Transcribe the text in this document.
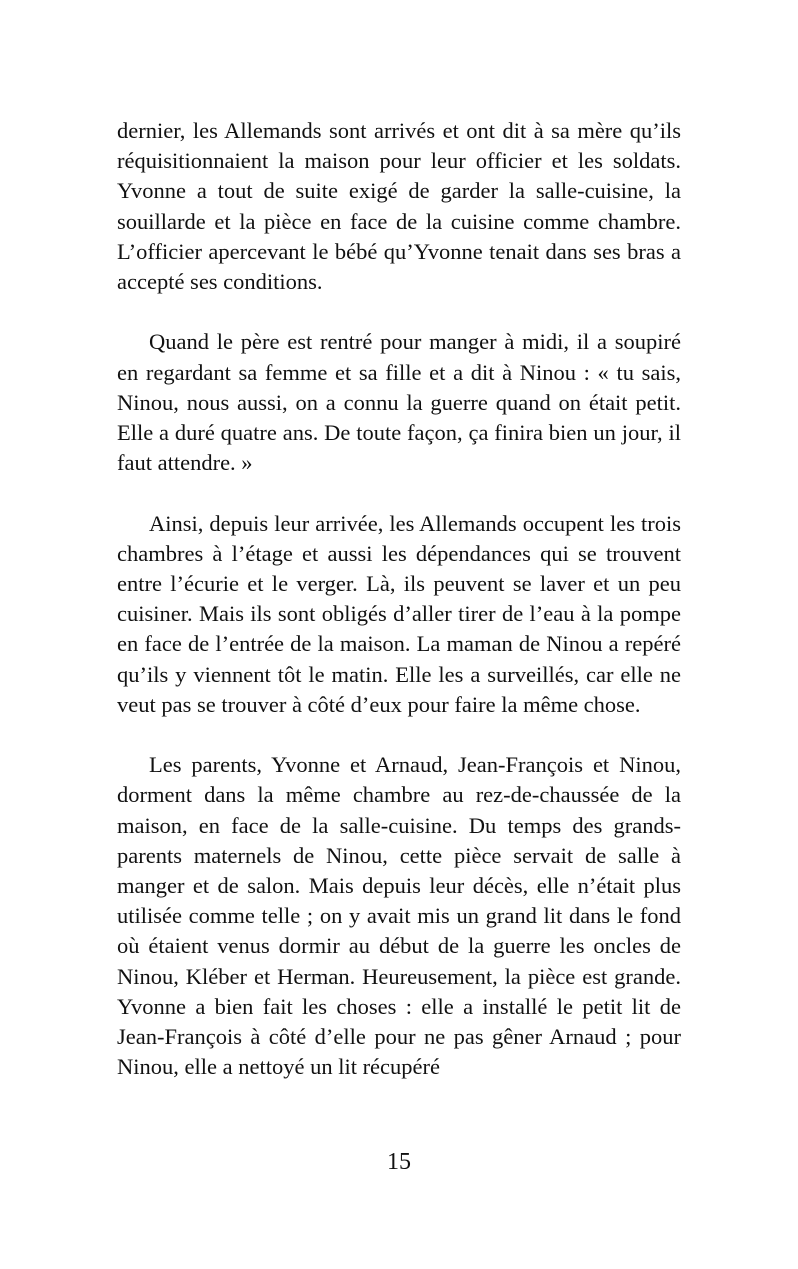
dernier, les Allemands sont arrivés et ont dit à sa mère qu’ils réquisitionnaient la maison pour leur officier et les soldats. Yvonne a tout de suite exigé de garder la salle-cuisine, la souillarde et la pièce en face de la cuisine comme chambre. L’officier apercevant le bébé qu’Yvonne tenait dans ses bras a accepté ses conditions.

Quand le père est rentré pour manger à midi, il a soupiré en regardant sa femme et sa fille et a dit à Ninou : « tu sais, Ninou, nous aussi, on a connu la guerre quand on était petit. Elle a duré quatre ans. De toute façon, ça finira bien un jour, il faut attendre. »

Ainsi, depuis leur arrivée, les Allemands occupent les trois chambres à l’étage et aussi les dépendances qui se trouvent entre l’écurie et le verger. Là, ils peuvent se laver et un peu cuisiner. Mais ils sont obligés d’aller tirer de l’eau à la pompe en face de l’entrée de la maison. La maman de Ninou a repéré qu’ils y viennent tôt le matin. Elle les a surveillés, car elle ne veut pas se trouver à côté d’eux pour faire la même chose.

Les parents, Yvonne et Arnaud, Jean-François et Ninou, dorment dans la même chambre au rez-de-chaussée de la maison, en face de la salle-cuisine. Du temps des grands-parents maternels de Ninou, cette pièce servait de salle à manger et de salon. Mais depuis leur décès, elle n’était plus utilisée comme telle ; on y avait mis un grand lit dans le fond où étaient venus dormir au début de la guerre les oncles de Ninou, Kléber et Herman. Heureusement, la pièce est grande. Yvonne a bien fait les choses : elle a installé le petit lit de Jean-François à côté d’elle pour ne pas gêner Arnaud ; pour Ninou, elle a nettoyé un lit récupéré

15
